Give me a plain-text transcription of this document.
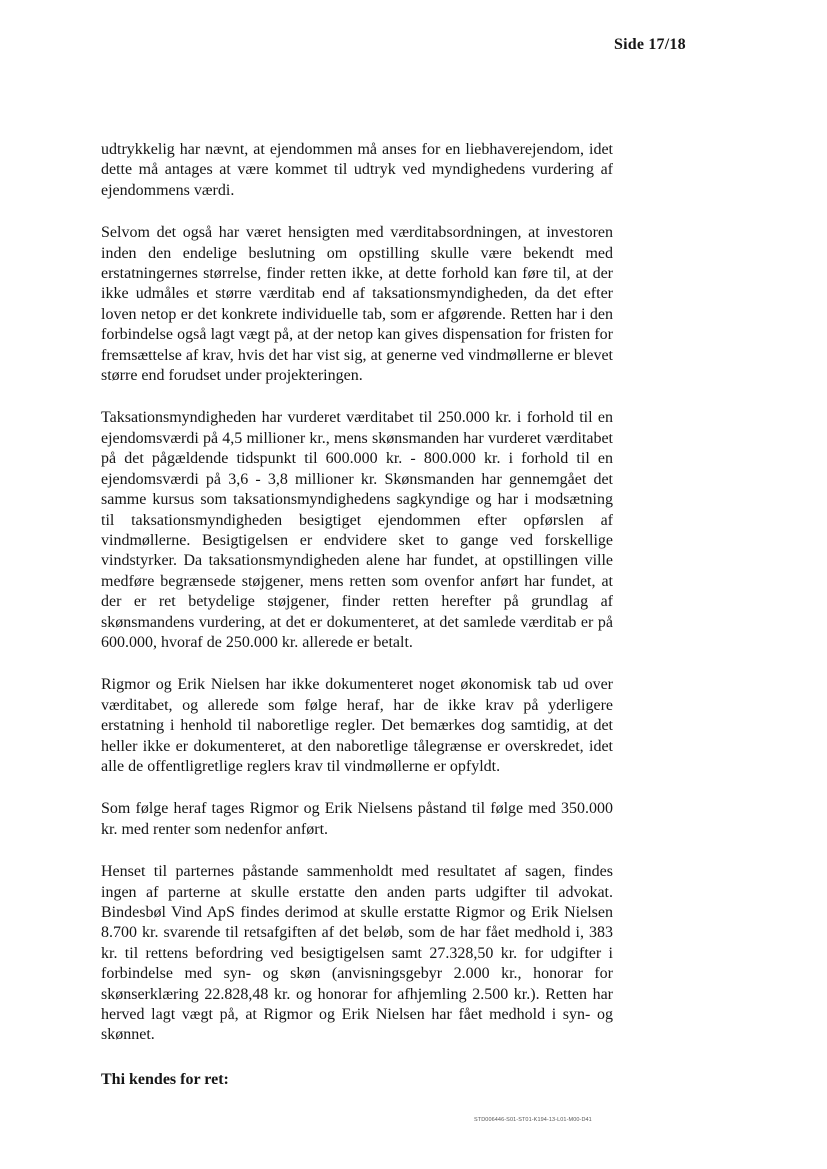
Side 17/18

udtrykkelig har nævnt, at ejendommen må anses for en liebhaverejendom, idet dette må antages at være kommet til udtryk ved myndighedens vurdering af ejendommens værdi.

Selvom det også har været hensigten med værditabsordningen, at investoren inden den endelige beslutning om opstilling skulle være bekendt med erstatningernes størrelse, finder retten ikke, at dette forhold kan føre til, at der ikke udmåles et større værditab end af taksationsmyndigheden, da det efter loven netop er det konkrete individuelle tab, som er afgørende. Retten har i den forbindelse også lagt vægt på, at der netop kan gives dispensation for fristen for fremsættelse af krav, hvis det har vist sig, at generne ved vindmøllerne er blevet større end forudset under projekteringen.

Taksationsmyndigheden har vurderet værditabet til 250.000 kr. i forhold til en ejendomsværdi på 4,5 millioner kr., mens skønsmanden har vurderet værditabet på det pågældende tidspunkt til 600.000 kr. - 800.000 kr. i forhold til en ejendomsværdi på 3,6 - 3,8 millioner kr. Skønsmanden har gennemgået det samme kursus som taksationsmyndighedens sagkyndige og har i modsætning til taksationsmyndigheden besigtiget ejendommen efter opførslen af vindmøllerne. Besigtigelsen er endvidere sket to gange ved forskellige vindstyrker. Da taksationsmyndigheden alene har fundet, at opstillingen ville medføre begrænsede støjgener, mens retten som ovenfor anført har fundet, at der er ret betydelige støjgener, finder retten herefter på grundlag af skønsmandens vurdering, at det er dokumenteret, at det samlede værditab er på 600.000, hvoraf de 250.000 kr. allerede er betalt.

Rigmor og Erik Nielsen har ikke dokumenteret noget økonomisk tab ud over værditabet, og allerede som følge heraf, har de ikke krav på yderligere erstatning i henhold til naboretlige regler. Det bemærkes dog samtidig, at det heller ikke er dokumenteret, at den naboretlige tålegrænse er overskredet, idet alle de offentligretlige reglers krav til vindmøllerne er opfyldt.

Som følge heraf tages Rigmor og Erik Nielsens påstand til følge med 350.000 kr. med renter som nedenfor anført.

Henset til parternes påstande sammenholdt med resultatet af sagen, findes ingen af parterne at skulle erstatte den anden parts udgifter til advokat. Bindesbøl Vind ApS findes derimod at skulle erstatte Rigmor og Erik Nielsen 8.700 kr. svarende til retsafgiften af det beløb, som de har fået medhold i, 383 kr. til rettens befordring ved besigtigelsen samt 27.328,50 kr. for udgifter i forbindelse med syn- og skøn (anvisningsgebyr 2.000 kr., honorar for skønserklæring 22.828,48 kr. og honorar for afhjemling 2.500 kr.). Retten har herved lagt vægt på, at Rigmor og Erik Nielsen har fået medhold i syn- og skønnet.

Thi kendes for ret:

STD006446-S01-ST01-K194-13-L01-M00-D41
